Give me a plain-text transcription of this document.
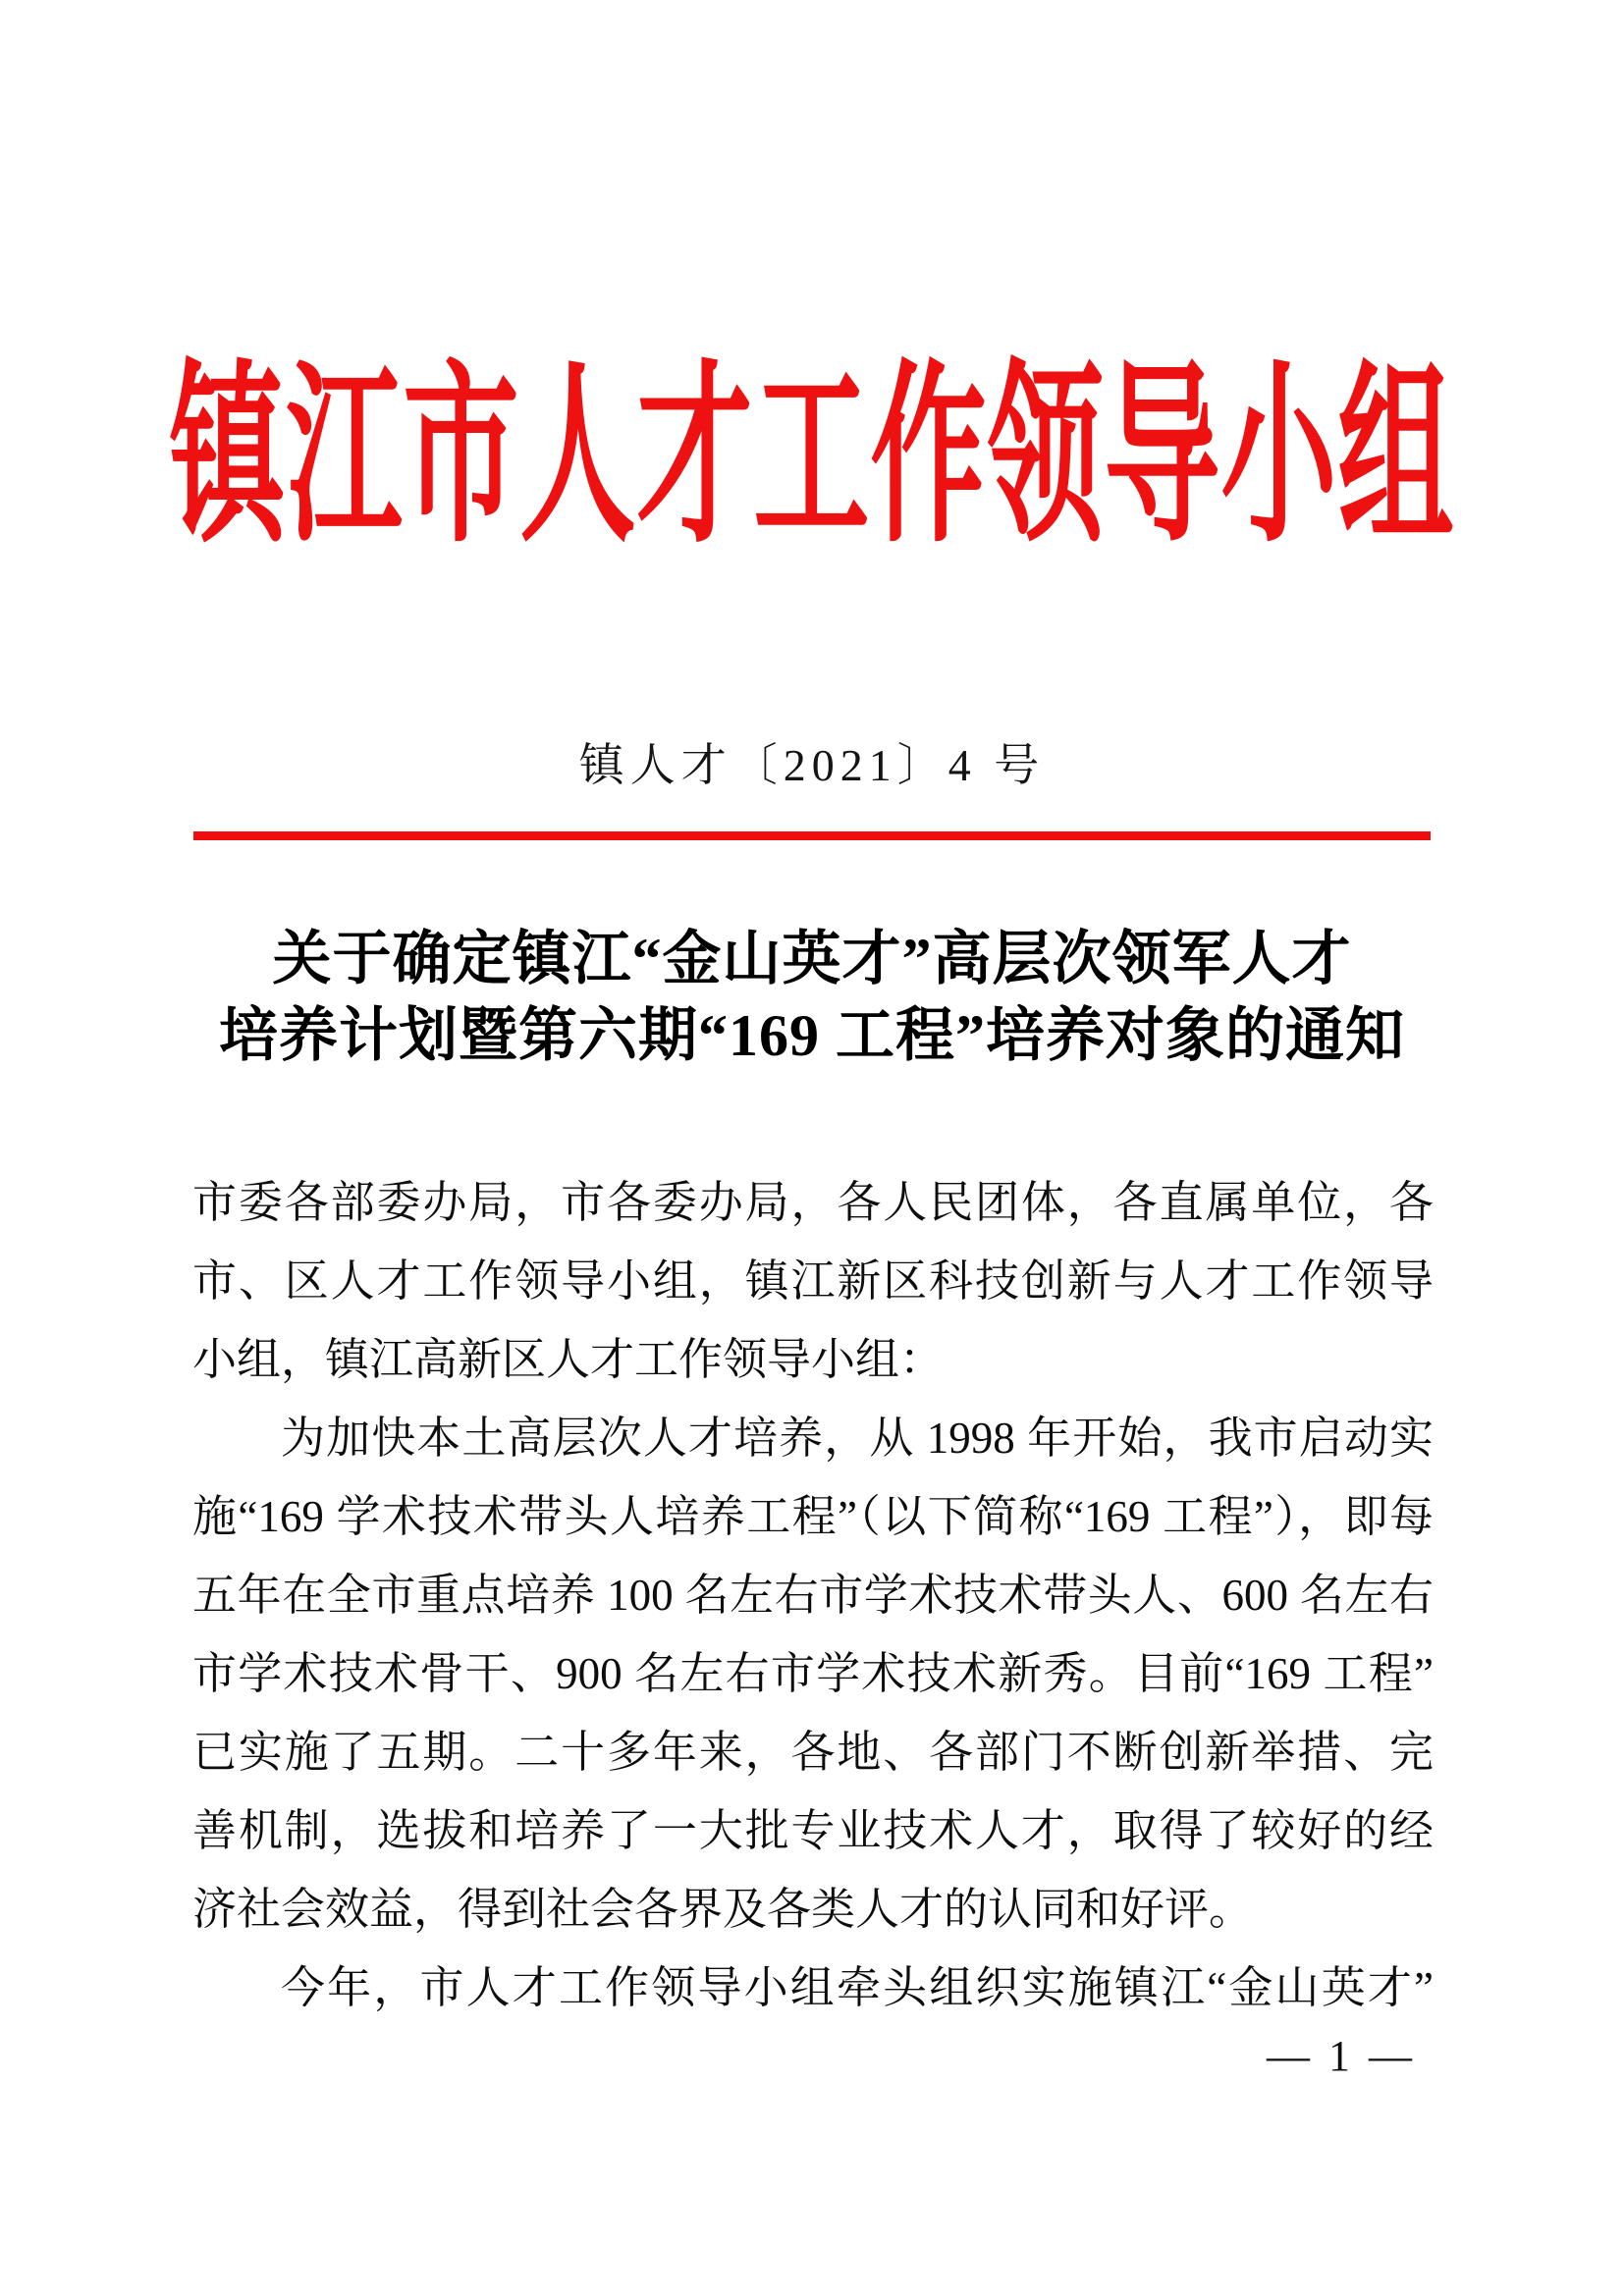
镇江市人才工作领导小组
镇人才〔2021〕4 号
关于确定镇江“金山英才”高层次领军人才
培养计划暨第六期“169 工程”培养对象的通知
市委各部委办局，市各委办局，各人民团体，各直属单位，各
市、区人才工作领导小组，镇江新区科技创新与人才工作领导
小组，镇江高新区人才工作领导小组：
为加快本土高层次人才培养，从 1998 年开始，我市启动实
施“169 学术技术带头人培养工程”（以下简称“169 工程”），即每
五年在全市重点培养 100 名左右市学术技术带头人、600 名左右
市学术技术骨干、900 名左右市学术技术新秀。目前“169 工程”
已实施了五期。二十多年来，各地、各部门不断创新举措、完
善机制，选拔和培养了一大批专业技术人才，取得了较好的经
济社会效益，得到社会各界及各类人才的认同和好评。
今年，市人才工作领导小组牵头组织实施镇江“金山英才”
— 1 —
